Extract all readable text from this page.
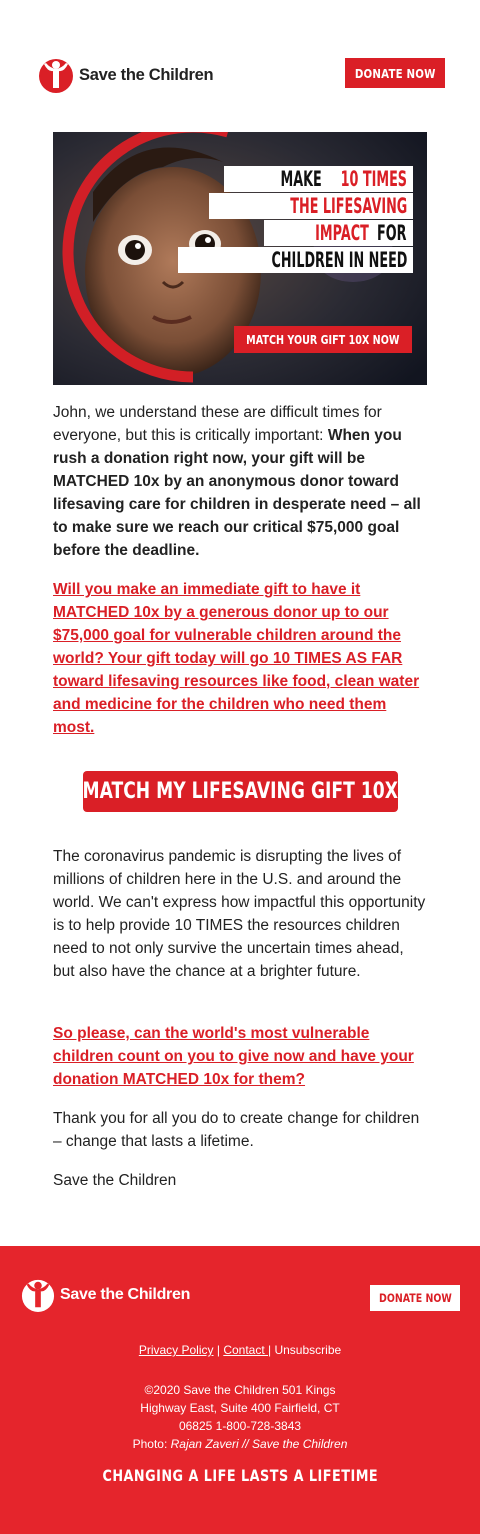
Save the Children	DONATE NOW
MAKE10 TIMES
THE LIFESAVING
IMPACTFOR
CHILDREN IN NEED
MATCH YOUR GIFT 10X NOW

John, we understand these are difficult times for everyone, but this is critically important: When you rush a donation right now, your gift will be MATCHED 10x by an anonymous donor toward lifesaving care for children in desperate need – all to make sure we reach our critical $75,000 goal before the deadline.

Will you make an immediate gift to have it MATCHED 10x by a generous donor up to our $75,000 goal for vulnerable children around the world? Your gift today will go 10 TIMES AS FAR toward lifesaving resources like food, clean water and medicine for the children who need them most.

MATCH MY LIFESAVING GIFT 10X

The coronavirus pandemic is disrupting the lives of millions of children here in the U.S. and around the world. We can't express how impactful this opportunity is to help provide 10 TIMES the resources children need to not only survive the uncertain times ahead, but also have the chance at a brighter future.

So please, can the world's most vulnerable children count on you to give now and have your donation MATCHED 10x for them?

Thank you for all you do to create change for children – change that lasts a lifetime.

Save the Children

Save the Children	DONATE NOW
Privacy Policy | Contact | Unsubscribe
©2020 Save the Children 501 Kings
Highway East, Suite 400 Fairfield, CT
06825 1-800-728-3843
Photo: Rajan Zaveri // Save the Children
CHANGING A LIFE LASTS A LIFETIME
